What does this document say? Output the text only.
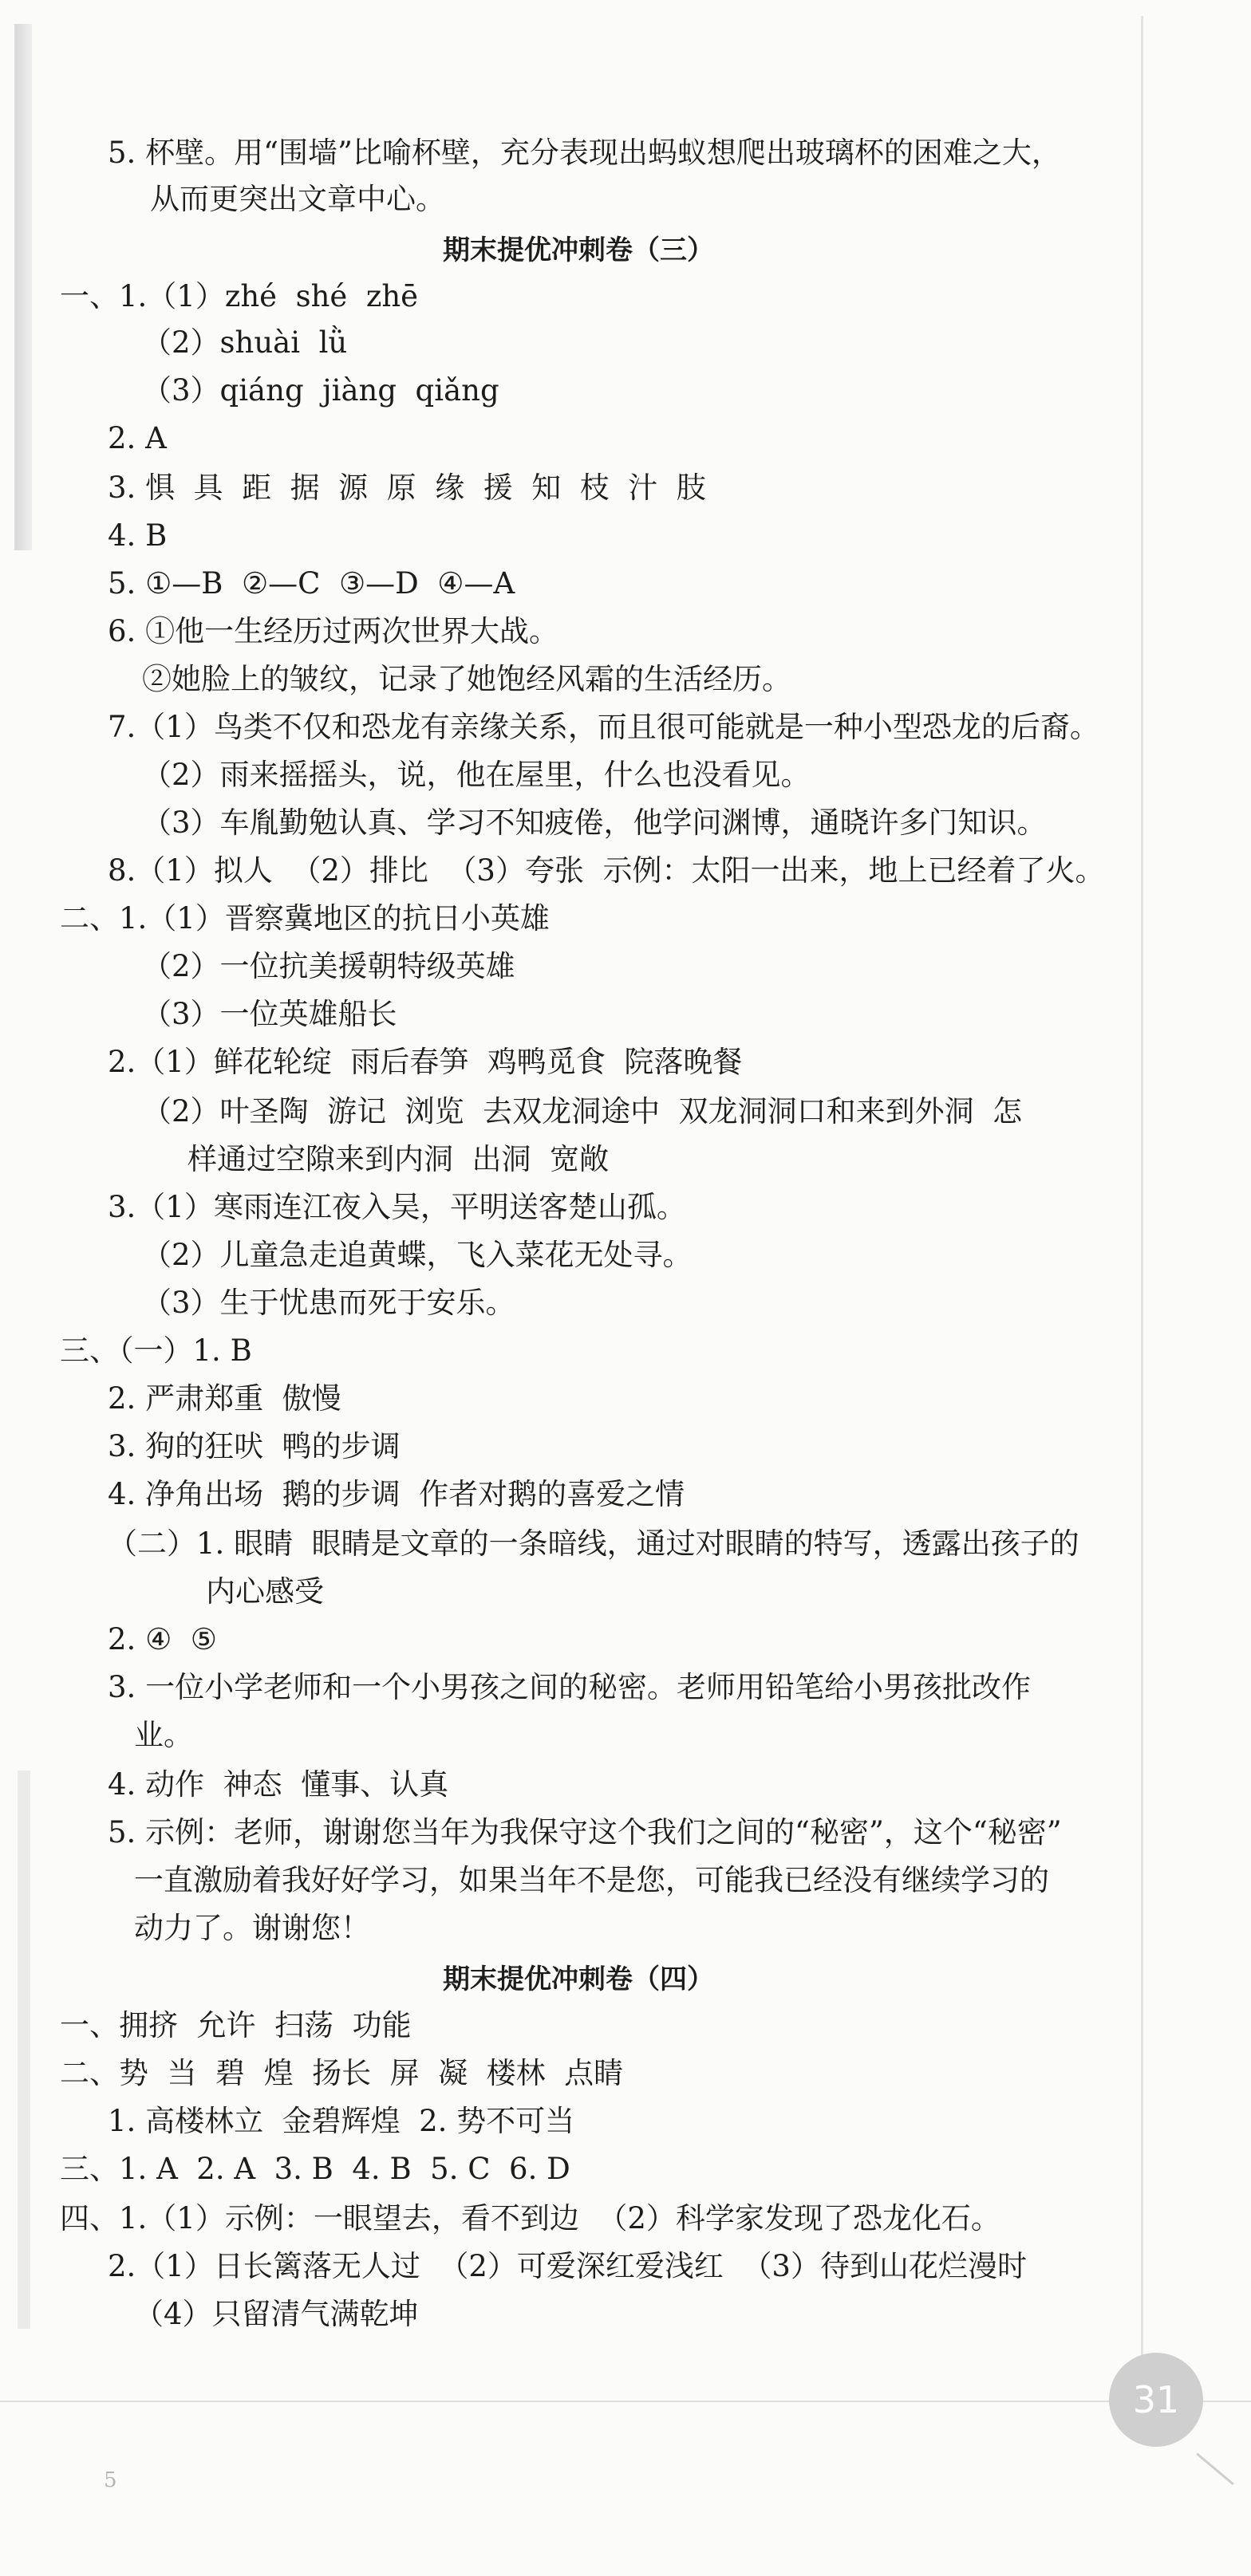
5. 杯壁。用“围墙”比喻杯壁，充分表现出蚂蚁想爬出玻璃杯的困难之大，
从而更突出文章中心。
期末提优冲刺卷（三）
一、1.（1）zhé  shé  zhē
（2）shuài  lǜ
（3）qiáng  jiàng  qiǎng
2. A
3. 惧  具  距  据  源  原  缘  援  知  枝  汁  肢
4. B
5. ①—B  ②—C  ③—D  ④—A
6. ①他一生经历过两次世界大战。
②她脸上的皱纹，记录了她饱经风霜的生活经历。
7.（1）鸟类不仅和恐龙有亲缘关系，而且很可能就是一种小型恐龙的后裔。
（2）雨来摇摇头，说，他在屋里，什么也没看见。
（3）车胤勤勉认真、学习不知疲倦，他学问渊博，通晓许多门知识。
8.（1）拟人  （2）排比  （3）夸张  示例：太阳一出来，地上已经着了火。
二、1.（1）晋察冀地区的抗日小英雄
（2）一位抗美援朝特级英雄
（3）一位英雄船长
2.（1）鲜花轮绽  雨后春笋  鸡鸭觅食  院落晚餐
（2）叶圣陶  游记  浏览  去双龙洞途中  双龙洞洞口和来到外洞  怎
样通过空隙来到内洞  出洞  宽敞
3.（1）寒雨连江夜入吴，平明送客楚山孤。
（2）儿童急走追黄蝶，飞入菜花无处寻。
（3）生于忧患而死于安乐。
三、（一）1. B
2. 严肃郑重  傲慢
3. 狗的狂吠  鸭的步调
4. 净角出场  鹅的步调  作者对鹅的喜爱之情
（二）1. 眼睛  眼睛是文章的一条暗线，通过对眼睛的特写，透露出孩子的
内心感受
2. ④  ⑤
3. 一位小学老师和一个小男孩之间的秘密。老师用铅笔给小男孩批改作
业。
4. 动作  神态  懂事、认真
5. 示例：老师，谢谢您当年为我保守这个我们之间的“秘密”，这个“秘密”
一直激励着我好好学习，如果当年不是您，可能我已经没有继续学习的
动力了。谢谢您！
期末提优冲刺卷（四）
一、拥挤  允许  扫荡  功能
二、势  当  碧  煌  扬长  屏  凝  楼林  点睛
1. 高楼林立  金碧辉煌  2. 势不可当
三、1. A  2. A  3. B  4. B  5. C  6. D
四、1.（1）示例：一眼望去，看不到边  （2）科学家发现了恐龙化石。
2.（1）日长篱落无人过  （2）可爱深红爱浅红  （3）待到山花烂漫时
（4）只留清气满乾坤
5
31
